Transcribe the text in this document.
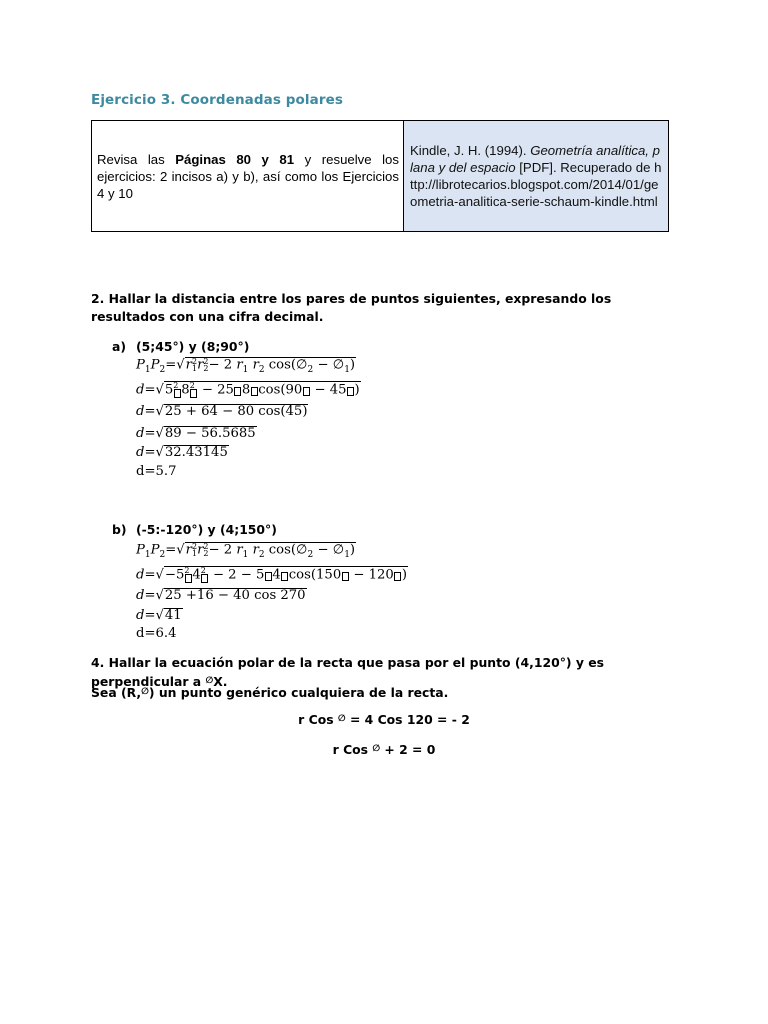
Ejercicio 3. Coordenadas polares
Revisa las Páginas 80 y 81 y resuelve los ejercicios: 2 incisos a) y b), así como los Ejercicios 4 y 10	Kindle, J. H. (1994). Geometría analítica, plana y del espacio [PDF]. Recuperado de http://librotecarios.blogspot.com/2014/01/geometria-analitica-serie-schaum-kindle.html
2. Hallar la distancia entre los pares de puntos siguientes, expresando los resultados con una cifra decimal.
a) (5;45°) y (8;90°)
$P_1P_2=√r$ 2
1 r 2
2 − 2 $r_1$ $r_2$ $\cos(\emptyset_2$ − $\emptyset_1$)
d=√5 2 8 2 − 25 8 cos(90 − 45 )
d=√25 + 64 − 80 cos(45)
d=√89 − 56.5685
d=√32.43145
d=5.7
b) (-5:-120°) y (4;150°)
$P_1P_2=√r$ 2
1 r 2
2 − 2 $r_1$ $r_2$ $\cos(\emptyset_2$ − $\emptyset_1$)
d=√−5 2 4 2 − 2 − 5 4 cos(150 − 120 )
d=√25 +16 − 40 cos 270
d=√41
d=6.4
4. Hallar la ecuación polar de la recta que pasa por el punto (4,120°) y es perpendicular a ∅X.
Sea (R,∅) un punto genérico cualquiera de la recta.
r Cos ∅ = 4 Cos 120 = - 2
r Cos ∅ + 2 = 0
